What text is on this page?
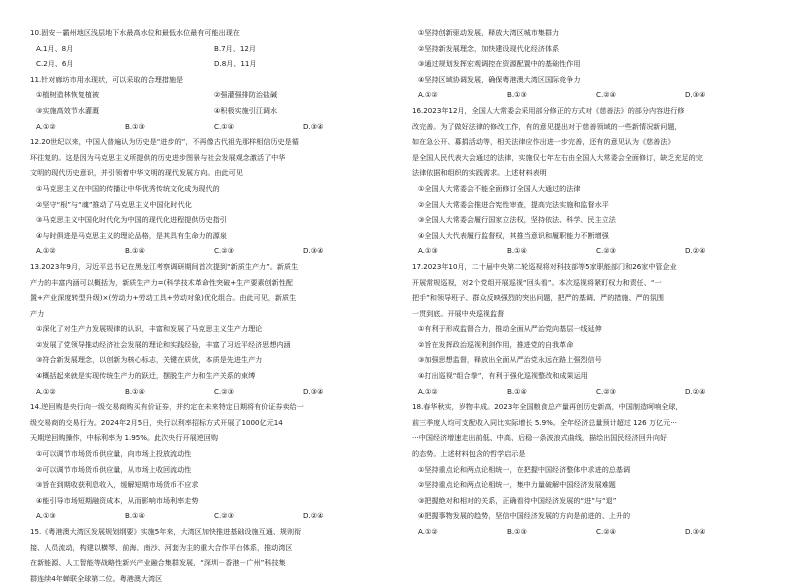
10.固安－霸州地区浅层地下水最高水位和最低水位最有可能出现在
A.1月、8月	B.7月、12月
C.2月、6月	D.8月、11月
11.针对廊坊市用水现状，可以采取的合理措施是
①植树造林恢复植被	②强灌强排防治盐碱
③实施高效节水灌溉	④积极实施引江调水
A.①②	B.①③	C.①④	D.③④
12.20世纪以来，中国人普遍认为历史是“进步的”，不再像古代祖先那样相信历史是循
环往复的。这是因为马克思主义所提供的历史进步图景与社会发展观念激活了中华
文明的现代历史意识，并引领着中华文明的现代发展方向。由此可见
①马克思主义在中国的传播让中华优秀传统文化成为现代的
②坚守“根”与“魂”推动了马克思主义中国化时代化
③马克思主义中国化时代化为中国的现代化进程提供历史指引
④与时俱进是马克思主义的理论品格，是其具有生命力的源泉
A.①②	B.①④	C.②③	D.③④
13.2023年9月，习近平总书记在黑龙江考察调研期间首次提到“新质生产力”。新质生
产力的丰富内涵可以概括为，新质生产力=(科学技术革命性突破+生产要素创新性配
置+产业深度转型升级)×(劳动力+劳动工具+劳动对象)优化组合。由此可见，新质生
产力
①深化了对生产力发展规律的认识，丰富和发展了马克思主义生产力理论
②发展了党领导推动经济社会发展的理论和实践经验，丰富了习近平经济思想内涵
③符合新发展理念，以创新为核心标志，关键在质优，本质是先进生产力
④概括起来就是实现传统生产力的跃迁，摆脱生产力和生产关系的束缚
A.①②	B.①④	C.②③	D.③④
14.逆回购是央行向一级交易商购买有价证券，并约定在未来特定日期将有价证券卖给一
级交易商的交易行为。2024年2月5日，央行以利率招标方式开展了1000亿元14
天期逆回购操作，中标利率为 1.95%。此次央行开展逆回购
①可以调节市场货币供应量，向市场上投放流动性
②可以调节市场货币供应量，从市场上收回流动性
③旨在到期收获利息收入，缓解短期市场货币不应求
④能引导市场短期融资成本，从而影响市场利率走势
A.①③	B.①④	C.②③	D.②④
15.《粤港澳大湾区发展规划纲要》实施5年来，大湾区加快推进基础设施互通、规则衔
接、人员流动，构建以横琴、前海、南沙、河套为主的重大合作平台体系，推动湾区
在新能源、人工智能等战略性新兴产业融合集群发展，“深圳－香港－广州”科技集
群连续4年蝉联全球第二位。粤港澳大湾区
①坚持创新驱动发展，释放大湾区城市集群力
②坚持新发展理念，加快建设现代化经济体系
③通过规划发挥宏观调控在资源配置中的基础性作用
④坚持区域协调发展，确保粤港澳大湾区国际竞争力
A.①②	B.①③	C.②④	D.③④
16.2023年12月，全国人大常委会采用部分修正的方式对《慈善法》的部分内容进行修
改完善。为了做好法律的修改工作，有的意见提出对于慈善领域的一些新情况新问题，
如在急公开、募捐活动等，相关法律应作出进一步完善，还有的意见认为《慈善法》
是全国人民代表大会通过的法律，实施仅七年左右由全国人大常委会全面修订，缺乏充足的完
法律依据和组织的实践需求。上述材料表明
①全国人大常委会不能全面修订全国人大通过的法律
②全国人大常委会推进合宪性审查，提高完法实施和监督水平
③全国人大常委会履行国家立法权，坚持依法、科学、民主立法
④全国人大代表履行监督权，其推当意识和履职能力不断增强
A.①③	B.①④	C.②③	D.②④
17.2023年10月，二十届中央第二轮巡视将对科技部等5家职能部门和26家中管企业
开展常规巡视，对2个党组开展巡视“回头看”。本次巡视将紧盯权力和责任、“一
把手”和领导班子、群众反映强烈的突出问题，把严的基调、严的措施、严的氛围
一贯到底。开展中央巡视监督
①有利于形成监督合力，推动全面从严治党向基层一线延伸
②旨在发挥政治巡视利剑作用，推进党的自我革命
③加强思想监督，释放出全面从严治党永远在路上强烈信号
④打出巡视“组合拳”，有利于强化巡视整改和成果运用
A.①②	B.①④	C.②③	D.②④
18.春华秋实，岁物丰成。2023年全国粮食总产量再创历史新高，中国制造呵响全球，
前三季度人均可支配收入同比实际增长 5.9%。全年经济总量预计超过 126 万亿元···
···中国经济增速走出前低、中高、后稳一条波浪式曲线，描绘出国民经济回升向好
的态势。上述材料包含的哲学启示是
①坚持重点论和两点论相统一，在把握中国经济整体中求进的总基调
②坚持重点论和两点论相统一，集中力量破解中国经济发展难题
③把握绝对和相对的关系，正确看待中国经济发展的“进”与“退”
④把握事物发展的趋势，坚信中国经济发展的方向是前进的、上升的
A.①②	B.①③	C.②④	D.③④
